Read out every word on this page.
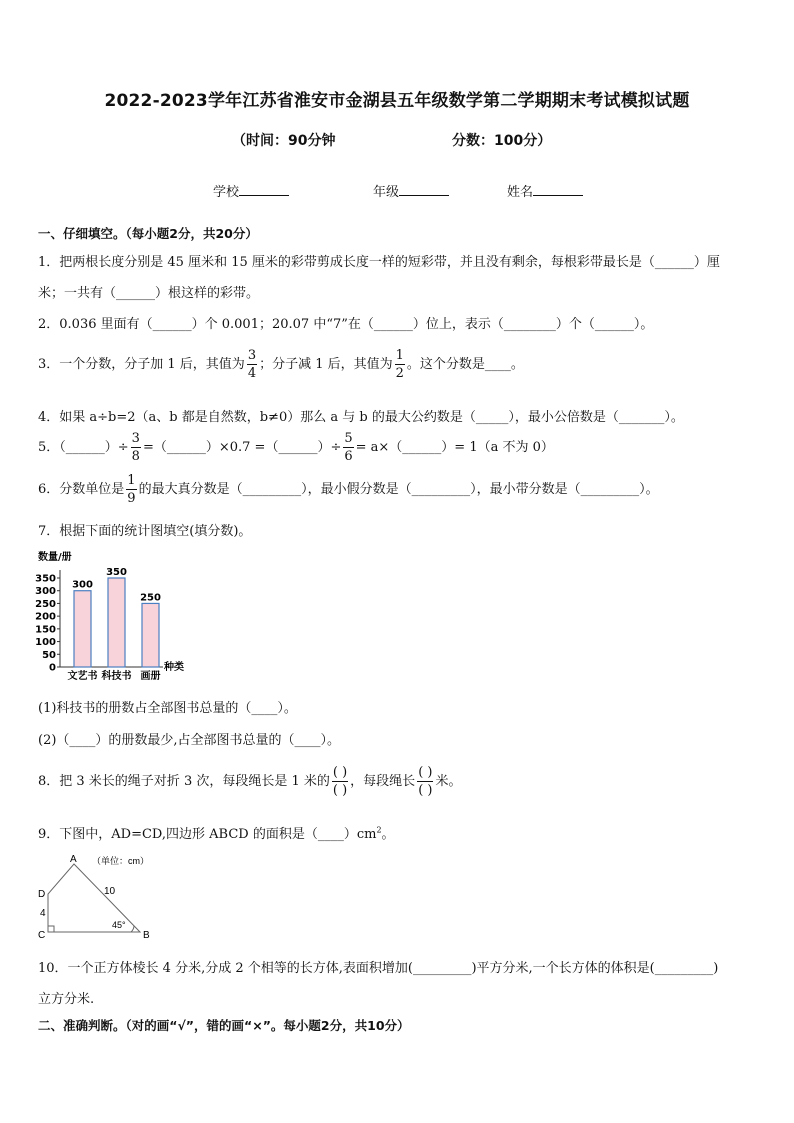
2022-2023学年江苏省淮安市金湖县五年级数学第二学期期末考试模拟试题
（时间：90分钟	分数：100分）
学校	年级	姓名
一、仔细填空。（每小题2分，共20分）
1．把两根长度分别是 45 厘米和 15 厘米的彩带剪成长度一样的短彩带，并且没有剩余，每根彩带最长是（______）厘
米；一共有（______）根这样的彩带。
2．0.036 里面有（______）个 0.001；20.07 中“7”在（______）位上，表示（________）个（______）。
3．一个分数，分子加 1 后，其值为 $\frac{3}{4}$ ；分子减 1 后，其值为 $\frac{1}{2}$ 。这个分数是____。
4．如果 a÷b=2（a、b 都是自然数，b≠0）那么 a 与 b 的最大公约数是（_____），最小公倍数是（_______）。
5．（______）÷ $\frac{3}{8}$ =（______）×0.7 =（______）÷ $\frac{5}{6}$ = a×（______）= 1（a 不为 0）
6．分数单位是 $\frac{1}{9}$ 的最大真分数是（_________），最小假分数是（_________），最小带分数是（_________）。
7．根据下面的统计图填空(填分数)。
数量/册
0
50
100
150
200
250
300
350
300
350
250
文艺书 科技书 画册
种类
(1)科技书的册数占全部图书总量的（____）。
(2)（____）的册数最少,占全部图书总量的（____）。
8．把 3 米长的绳子对折 3 次，每段绳长是 1 米的 $\frac{( )}{( )}$ ，每段绳长 $\frac{( )}{( )}$ 米。
9．下图中，AD=CD,四边形 ABCD 的面积是$(\_\_\_\_)cm^2$。
A （单位：cm）
D
C	B
10
4
45°
10．一个正方体棱长 4 分米,分成 2 个相等的长方体,表面积增加(_________)平方分米,一个长方体的体积是(_________)
立方分米.
二、准确判断。（对的画“√”，错的画“×”。每小题2分，共10分）
